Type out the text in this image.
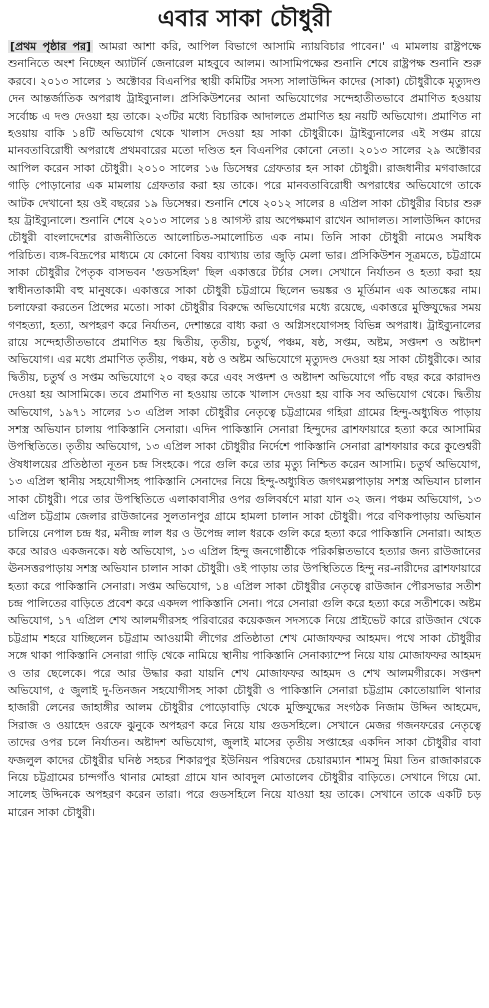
এবার সাকা চৌধুরী

[প্রথম পৃষ্ঠার পর] আমরা আশা করি, আপিল বিভাগে আসামি ন্যায়বিচার পাবেন।' এ মামলায় রাষ্ট্রপক্ষে শুনানিতে অংশ নিচ্ছেন অ্যাটর্নি জেনারেল মাহবুবে আলম। আসামিপক্ষের শুনানি শেষে রাষ্ট্রপক্ষ শুনানি শুরু করবে। ২০১৩ সালের ১ অক্টোবর বিএনপির স্থায়ী কমিটির সদস্য সালাউদ্দিন কাদের (সাকা) চৌধুরীকে মৃত্যুদণ্ড দেন আন্তর্জাতিক অপরাধ ট্রাইব্যুনাল। প্রসিকিউশনের আনা অভিযোগের সন্দেহাতীতভাবে প্রমাণিত হওয়ায় সর্বোচ্চ এ দণ্ড দেওয়া হয় তাকে। ২৩টির মধ্যে বিচারিক আদালতে প্রমাণিত হয় নয়টি অভিযোগ। প্রমাণিত না হওয়ায় বাকি ১৪টি অভিযোগ থেকে খালাস দেওয়া হয় সাকা চৌধুরীকে। ট্রাইব্যুনালের এই সপ্তম রায়ে মানবতাবিরোধী অপরাধে প্রথমবারের মতো দণ্ডিত হন বিএনপির কোনো নেতা। ২০১৩ সালের ২৯ অক্টোবর আপিল করেন সাকা চৌধুরী। ২০১০ সালের ১৬ ডিসেম্বর গ্রেফতার হন সাকা চৌধুরী। রাজধানীর মগবাজারে গাড়ি পোড়ানোর এক মামলায় গ্রেফতার করা হয় তাকে। পরে মানবতাবিরোধী অপরাধের অভিযোগে তাকে আটক দেখানো হয় ওই বছরের ১৯ ডিসেম্বর। শুনানি শেষে ২০১২ সালের ৪ এপ্রিল সাকা চৌধুরীর বিচার শুরু হয় ট্রাইব্যুনালে। শুনানি শেষে ২০১৩ সালের ১৪ আগস্ট রায় অপেক্ষমাণ রাখেন আদালত। সালাউদ্দিন কাদের চৌধুরী বাংলাদেশের রাজনীতিতে আলোচিত-সমালোচিত এক নাম। তিনি সাকা চৌধুরী নামেও সমধিক পরিচিত। ব্যঙ্গ-বিদ্রূপের মাধ্যমে যে কোনো বিষয় ব্যাখ্যায় তার জুড়ি মেলা ভার। প্রসিকিউশন সূত্রমতে, চট্টগ্রামে সাকা চৌধুরীর পৈতৃক বাসভবন 'গুডসহিল' ছিল একাত্তরে টর্চার সেল। সেখানে নির্যাতন ও হত্যা করা হয় স্বাধীনতাকামী বহু মানুষকে। একাত্তরে সাকা চৌধুরী চট্টগ্রামে ছিলেন ভয়ঙ্কর ও মূর্তিমান এক আতঙ্কের নাম। চলাফেরা করতেন প্রিন্সের মতো। সাকা চৌধুরীর বিরুদ্ধে অভিযোগের মধ্যে রয়েছে, একাত্তরে মুক্তিযুদ্ধের সময় গণহত্যা, হত্যা, অপহরণ করে নির্যাতন, দেশান্তরে বাধ্য করা ও অগ্নিসংযোগসহ বিভিন্ন অপরাধ। ট্রাইব্যুনালের রায়ে সন্দেহাতীতভাবে প্রমাণিত হয় দ্বিতীয়, তৃতীয়, চতুর্থ, পঞ্চম, ষষ্ঠ, সপ্তম, অষ্টম, সপ্তদশ ও অষ্টাদশ অভিযোগ। এর মধ্যে প্রমাণিত তৃতীয়, পঞ্চম, ষষ্ঠ ও অষ্টম অভিযোগে মৃত্যুদণ্ড দেওয়া হয় সাকা চৌধুরীকে। আর দ্বিতীয়, চতুর্থ ও সপ্তম অভিযোগে ২০ বছর করে এবং সপ্তদশ ও অষ্টাদশ অভিযোগে পাঁচ বছর করে কারাদণ্ড দেওয়া হয় আসামিকে। তবে প্রমাণিত না হওয়ায় তাকে খালাস দেওয়া হয় বাকি সব অভিযোগ থেকে। দ্বিতীয় অভিযোগ, ১৯৭১ সালের ১৩ এপ্রিল সাকা চৌধুরীর নেতৃত্বে চট্টগ্রামের গহিরা গ্রামের হিন্দু-অধ্যুষিত পাড়ায় সশস্ত্র অভিযান চালায় পাকিস্তানি সেনারা। এদিন পাকিস্তানি সেনারা হিন্দুদের ব্রাশফায়ারে হত্যা করে আসামির উপস্থিতিতে। তৃতীয় অভিযোগ, ১৩ এপ্রিল সাকা চৌধুরীর নির্দেশে পাকিস্তানি সেনারা ব্রাশফায়ার করে কুণ্ডেশ্বরী ঔষধালয়ের প্রতিষ্ঠাতা নূতন চন্দ্র সিংহকে। পরে গুলি করে তার মৃত্যু নিশ্চিত করেন আসামি। চতুর্থ অভিযোগ, ১৩ এপ্রিল স্থানীয় সহযোগীসহ পাকিস্তানি সেনাদের নিয়ে হিন্দু-অধ্যুষিত জগৎমল্লপাড়ায় সশস্ত্র অভিযান চালান সাকা চৌধুরী। পরে তার উপস্থিতিতে এলাকাবাসীর ওপর গুলিবর্ষণে মারা যান ৩২ জন। পঞ্চম অভিযোগ, ১৩ এপ্রিল চট্টগ্রাম জেলার রাউজানের সুলতানপুর গ্রামে হামলা চালান সাকা চৌধুরী। পরে বণিকপাড়ায় অভিযান চালিয়ে নেপাল চন্দ্র ধর, মনীন্দ্র লাল ধর ও উপেন্দ্র লাল ধরকে গুলি করে হত্যা করে পাকিস্তানি সেনারা। আহত করে আরও একজনকে। ষষ্ঠ অভিযোগ, ১৩ এপ্রিল হিন্দু জনগোষ্ঠীকে পরিকল্পিতভাবে হত্যার জন্য রাউজানের ঊনসত্তরপাড়ায় সশস্ত্র অভিযান চালান সাকা চৌধুরী। ওই পাড়ায় তার উপস্থিতিতে হিন্দু নর-নারীদের ব্রাশফায়ারে হত্যা করে পাকিস্তানি সেনারা। সপ্তম অভিযোগ, ১৪ এপ্রিল সাকা চৌধুরীর নেতৃত্বে রাউজান পৌরসভার সতীশ চন্দ্র পালিতের বাড়িতে প্রবেশ করে একদল পাকিস্তানি সেনা। পরে সেনারা গুলি করে হত্যা করে সতীশকে। অষ্টম অভিযোগ, ১৭ এপ্রিল শেখ আলমগীরসহ পরিবারের কয়েকজন সদস্যকে নিয়ে প্রাইভেট কারে রাউজান থেকে চট্টগ্রাম শহরে যাচ্ছিলেন চট্টগ্রাম আওয়ামী লীগের প্রতিষ্ঠাতা শেখ মোজাফফর আহমদ। পথে সাকা চৌধুরীর সঙ্গে থাকা পাকিস্তানি সেনারা গাড়ি থেকে নামিয়ে স্থানীয় পাকিস্তানি সেনাক্যাম্পে নিয়ে যায় মোজাফফর আহমদ ও তার ছেলেকে। পরে আর উদ্ধার করা যায়নি শেখ মোজাফফর আহমদ ও শেখ আলমগীরকে। সপ্তদশ অভিযোগ, ৫ জুলাই দু-তিনজন সহযোগীসহ সাকা চৌধুরী ও পাকিস্তানি সেনারা চট্টগ্রাম কোতোয়ালি থানার হাজারী লেনের জাহাঙ্গীর আলম চৌধুরীর পোড়োবাড়ি থেকে মুক্তিযুদ্ধের সংগঠক নিজাম উদ্দিন আহমেদ, সিরাজ ও ওয়াহেদ ওরফে ঝুনুকে অপহরণ করে নিয়ে যায় গুডসহিলে। সেখানে মেজর গজনফরের নেতৃত্বে তাদের ওপর চলে নির্যাতন। অষ্টাদশ অভিযোগ, জুলাই মাসের তৃতীয় সপ্তাহের একদিন সাকা চৌধুরীর বাবা ফজলুল কাদের চৌধুরীর ঘনিষ্ঠ সহচর শিকারপুর ইউনিয়ন পরিষদের চেয়ারম্যান শামসু মিয়া তিন রাজাকারকে নিয়ে চট্টগ্রামের চান্দগাঁও থানার মোহরা গ্রামে যান আবদুল মোতালেব চৌধুরীর বাড়িতে। সেখানে গিয়ে মো. সালেহ উদ্দিনকে অপহরণ করেন তারা। পরে গুডসহিলে নিয়ে যাওয়া হয় তাকে। সেখানে তাকে একটি চড় মারেন সাকা চৌধুরী।
